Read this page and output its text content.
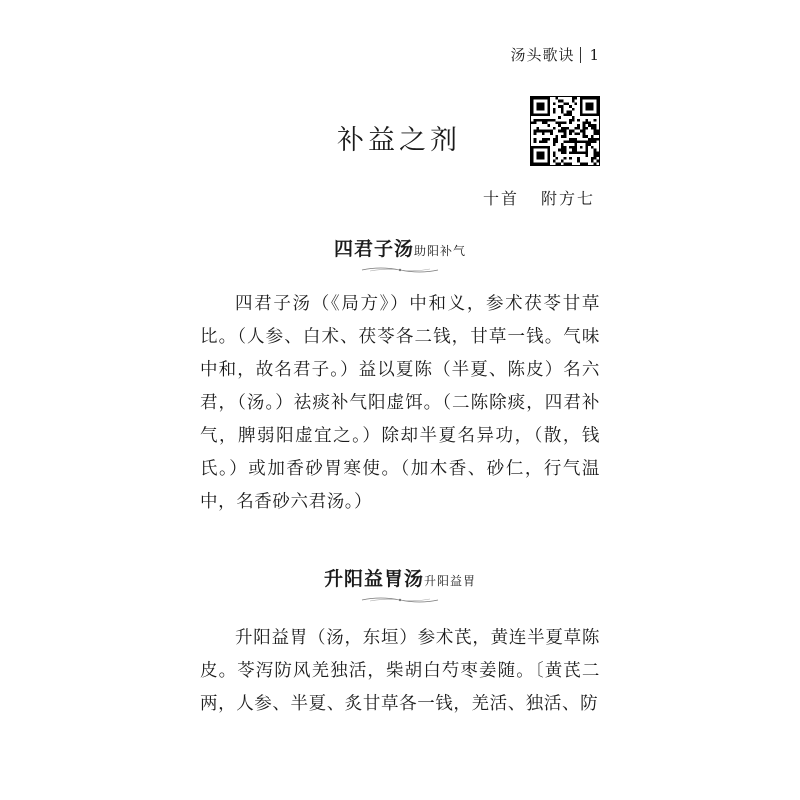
汤头歌诀 1
补益之剂
十首 附方七
四君子汤助阳补气

四君子汤（《局方》）中和义，参术茯苓甘草比。（人参、白术、茯苓各二钱，甘草一钱。气味中和，故名君子。）益以夏陈（半夏、陈皮）名六君，（汤。）祛痰补气阳虚饵。（二陈除痰，四君补气，脾弱阳虚宜之。）除却半夏名异功，（散，钱氏。）或加香砂胃寒使。（加木香、砂仁，行气温中，名香砂六君汤。）

升阳益胃汤升阳益胃

升阳益胃（汤，东垣）参术芪，黄连半夏草陈皮。苓泻防风羌独活，柴胡白芍枣姜随。〔黄芪二两，人参、半夏、炙甘草各一钱，羌活、独活、防
